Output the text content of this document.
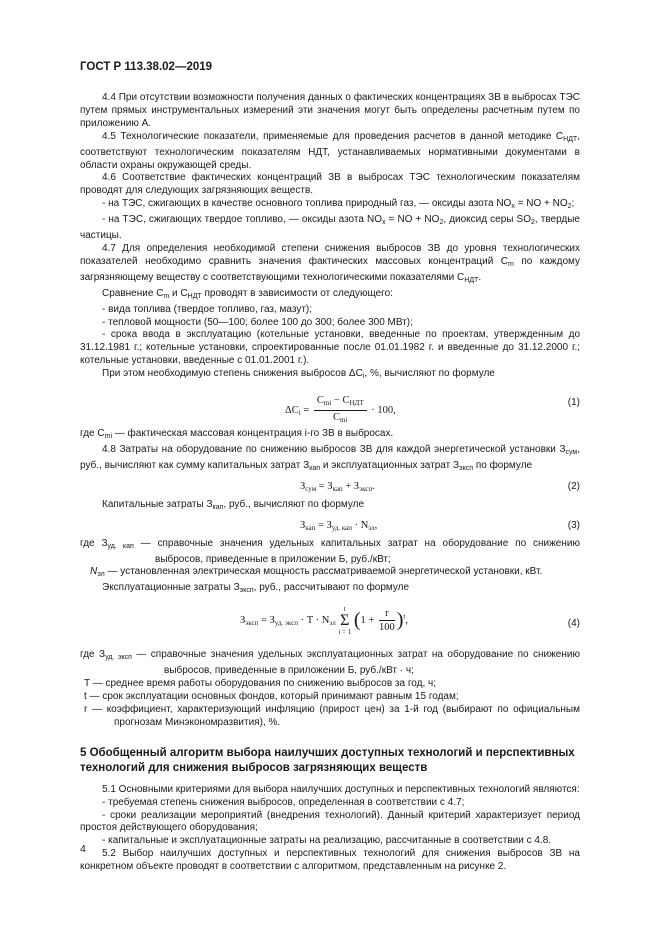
ГОСТ Р 113.38.02—2019

4.4 При отсутствии возможности получения данных о фактических концентрациях ЗВ в выбросах ТЭС путем прямых инструментальных измерений эти значения могут быть определены расчетным путем по приложению А.

4.5 Технологические показатели, применяемые для проведения расчетов в данной методике $C_{НДТ}$, соответствуют технологическим показателям НДТ, устанавливаемых нормативными документами в области охраны окружающей среды.

4.6 Соответствие фактических концентраций ЗВ в выбросах ТЭС технологическим показателям проводят для следующих загрязняющих веществ.

- на ТЭС, сжигающих в качестве основного топлива природный газ, — оксиды азота $NO_x$ = NO + $NO_2$;

- на ТЭС, сжигающих твердое топливо, — оксиды азота $NO_x$ = NO + $NO_2$, диоксид серы $SO_2$, твердые частицы.

4.7 Для определения необходимой степени снижения выбросов ЗВ до уровня технологических показателей необходимо сравнить значения фактических массовых концентраций $C_m$ по каждому загрязняющему веществу с соответствующими технологическими показателями $C_{НДТ}$.

Сравнение $C_m$ и $C_{НДТ}$ проводят в зависимости от следующего:

- вида топлива (твердое топливо, газ, мазут);

- тепловой мощности (50—100; более 100 до 300; более 300 МВт);

- срока ввода в эксплуатацию (котельные установки, введенные по проектам, утвержденным до 31.12.1981 г.; котельные установки, спроектированные после 01.01.1982 г. и введенные до 31.12.2000 г.; котельные установки, введенные с 01.01.2001 г.).

При этом необходимую степень снижения выбросов $\Delta C_i$, %, вычисляют по формуле

$\Delta C_i = \frac{C_{mi} - C_{НДТ}}{C_{mi}} \cdot 100$,
(1)

где $C_{mi}$ — фактическая массовая концентрация i-го ЗВ в выбросах.

4.8 Затраты на оборудование по снижению выбросов ЗВ для каждой энергетической установки $З_{сум}$, руб., вычисляют как сумму капитальных затрат $З_{кап}$ и эксплуатационных затрат $З_{эксп}$ по формуле

$З_{сум} = З_{кап} + З_{эксп}$.	(2)

Капитальные затраты $З_{кап}$, руб., вычисляют по формуле

$З_{кап} = З_{уд. кап} \cdot N_{эл}$,	(3)

где $З_{уд. кап}$ — справочные значения удельных капитальных затрат на оборудование по снижению выбросов, приведенные в приложении Б, руб./кВт;

$N_{эл}$ — установленная электрическая мощность рассматриваемой энергетической установки, кВт.

Эксплуатационные затраты $З_{эксп}$, руб., рассчитывают по формуле

$З_{эксп} = З_{уд. эксп} \cdot T \cdot N_{эл}$
t
Σ
i = 1
$(1 + \frac{r}{100} )^t$,	(4)

где $З_{уд. эксп}$ — справочные значения удельных эксплуатационных затрат на оборудование по снижению выбросов, приведенные в приложении Б, руб./кВт · ч;

T — среднее время работы оборудования по снижению выбросов за год, ч;

t — срок эксплуатации основных фондов, который принимают равным 15 годам;

r — коэффициент, характеризующий инфляцию (прирост цен) за 1-й год (выбирают по официальным прогнозам Минэкономразвития), %.

5 Обобщенный алгоритм выбора наилучших доступных технологий и перспективных технологий для снижения выбросов загрязняющих веществ

5.1 Основными критериями для выбора наилучших доступных и перспективных технологий являются:

- требуемая степень снижения выбросов, определенная в соответствии с 4.7;

- сроки реализации мероприятий (внедрения технологий). Данный критерий характеризует период простоя действующего оборудования;

- капитальные и эксплуатационные затраты на реализацию, рассчитанные в соответствии с 4.8.

5.2 Выбор наилучших доступных и перспективных технологий для снижения выбросов ЗВ на конкретном объекте проводят в соответствии с алгоритмом, представленным на рисунке 2.

4
